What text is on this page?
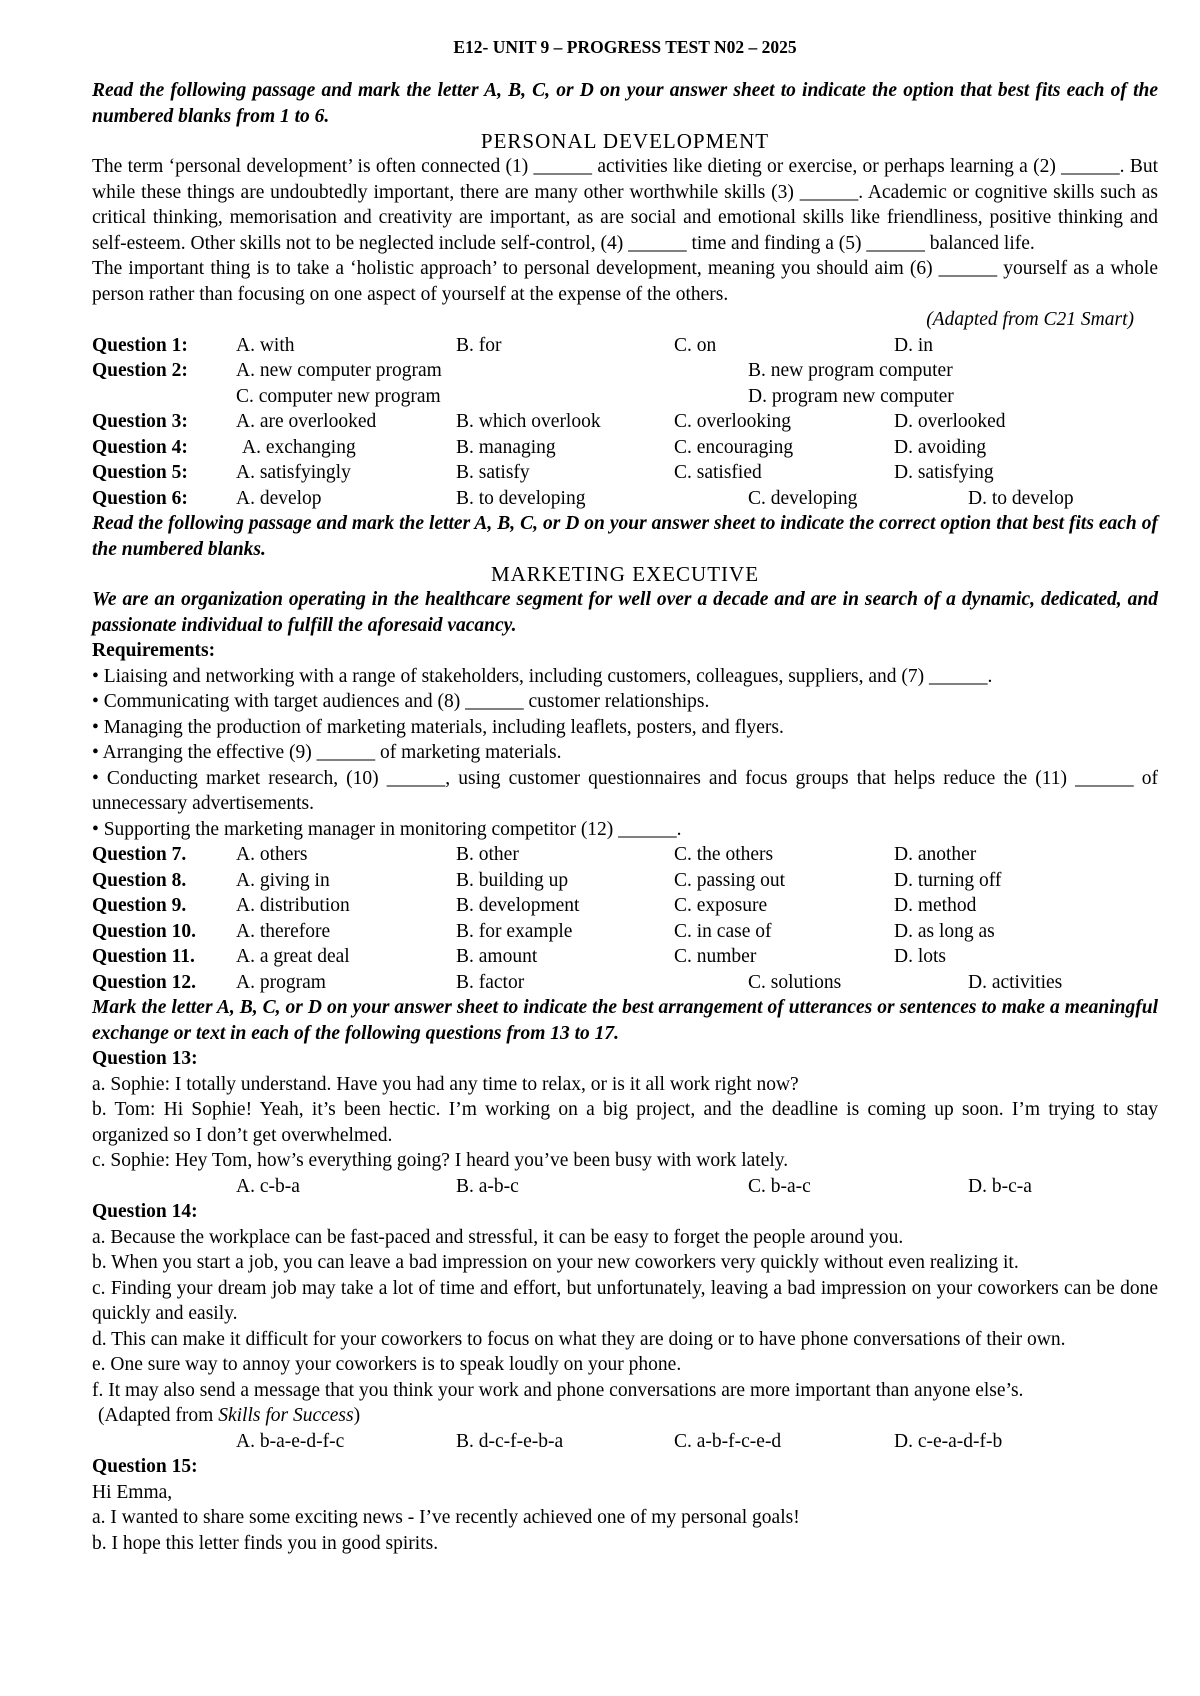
E12- UNIT 9 – PROGRESS TEST N02 – 2025
Read the following passage and mark the letter A, B, C, or D on your answer sheet to indicate the option that best fits each of the numbered blanks from 1 to 6.
PERSONAL DEVELOPMENT
The term ‘personal development’ is often connected (1) ______ activities like dieting or exercise, or perhaps learning a (2) ______. But while these things are undoubtedly important, there are many other worthwhile skills (3) ______. Academic or cognitive skills such as critical thinking, memorisation and creativity are important, as are social and emotional skills like friendliness, positive thinking and self-esteem. Other skills not to be neglected include self-control, (4) ______ time and finding a (5) ______ balanced life.
The important thing is to take a ‘holistic approach’ to personal development, meaning you should aim (6) ______ yourself as a whole person rather than focusing on one aspect of yourself at the expense of the others.
(Adapted from C21 Smart)
Question 1: A. with	B. for	C. on	D. in
Question 2: A. new computer program	B. new program computer
C. computer new program	D. program new computer
Question 3: A. are overlooked	B. which overlook	C. overlooking	D. overlooked
Question 4:	A. exchanging	B. managing	C. encouraging	D. avoiding
Question 5: A. satisfyingly	B. satisfy	C. satisfied	D. satisfying
Question 6: A. develop	B. to developing	C. developing	D. to develop
Read the following passage and mark the letter A, B, C, or D on your answer sheet to indicate the correct option that best fits each of the numbered blanks.
MARKETING EXECUTIVE
We are an organization operating in the healthcare segment for well over a decade and are in search of a dynamic, dedicated, and passionate individual to fulfill the aforesaid vacancy.
Requirements:
• Liaising and networking with a range of stakeholders, including customers, colleagues, suppliers, and (7) ______.
• Communicating with target audiences and (8) ______ customer relationships.
• Managing the production of marketing materials, including leaflets, posters, and flyers.
• Arranging the effective (9) ______ of marketing materials.
• Conducting market research, (10) ______, using customer questionnaires and focus groups that helps reduce the (11) ______ of unnecessary advertisements.
• Supporting the marketing manager in monitoring competitor (12) ______.
Question 7.	A. others	B. other	C. the others	D. another
Question 8.	A. giving in	B. building up	C. passing out	D. turning off
Question 9.	A. distribution	B. development	C. exposure	D. method
Question 10. A. therefore	B. for example	C. in case of	D. as long as
Question 11. A. a great deal	B. amount	C. number	D. lots
Question 12. A. program	B. factor	C. solutions	D. activities
Mark the letter A, B, C, or D on your answer sheet to indicate the best arrangement of utterances or sentences to make a meaningful exchange or text in each of the following questions from 13 to 17.
Question 13:
a. Sophie: I totally understand. Have you had any time to relax, or is it all work right now?
b. Tom: Hi Sophie! Yeah, it’s been hectic. I’m working on a big project, and the deadline is coming up soon. I’m trying to stay organized so I don’t get overwhelmed.
c. Sophie: Hey Tom, how’s everything going? I heard you’ve been busy with work lately.
A. c-b-a	B. a-b-c	C. b-a-c	D. b-c-a
Question 14:
a. Because the workplace can be fast-paced and stressful, it can be easy to forget the people around you.
b. When you start a job, you can leave a bad impression on your new coworkers very quickly without even realizing it.
c. Finding your dream job may take a lot of time and effort, but unfortunately, leaving a bad impression on your coworkers can be done quickly and easily.
d. This can make it difficult for your coworkers to focus on what they are doing or to have phone conversations of their own.
e. One sure way to annoy your coworkers is to speak loudly on your phone.
f. It may also send a message that you think your work and phone conversations are more important than anyone else’s.
(Adapted from Skills for Success)
A. b-a-e-d-f-c	B. d-c-f-e-b-a	C. a-b-f-c-e-d	D. c-e-a-d-f-b
Question 15:
Hi Emma,
a. I wanted to share some exciting news - I’ve recently achieved one of my personal goals!
b. I hope this letter finds you in good spirits.
